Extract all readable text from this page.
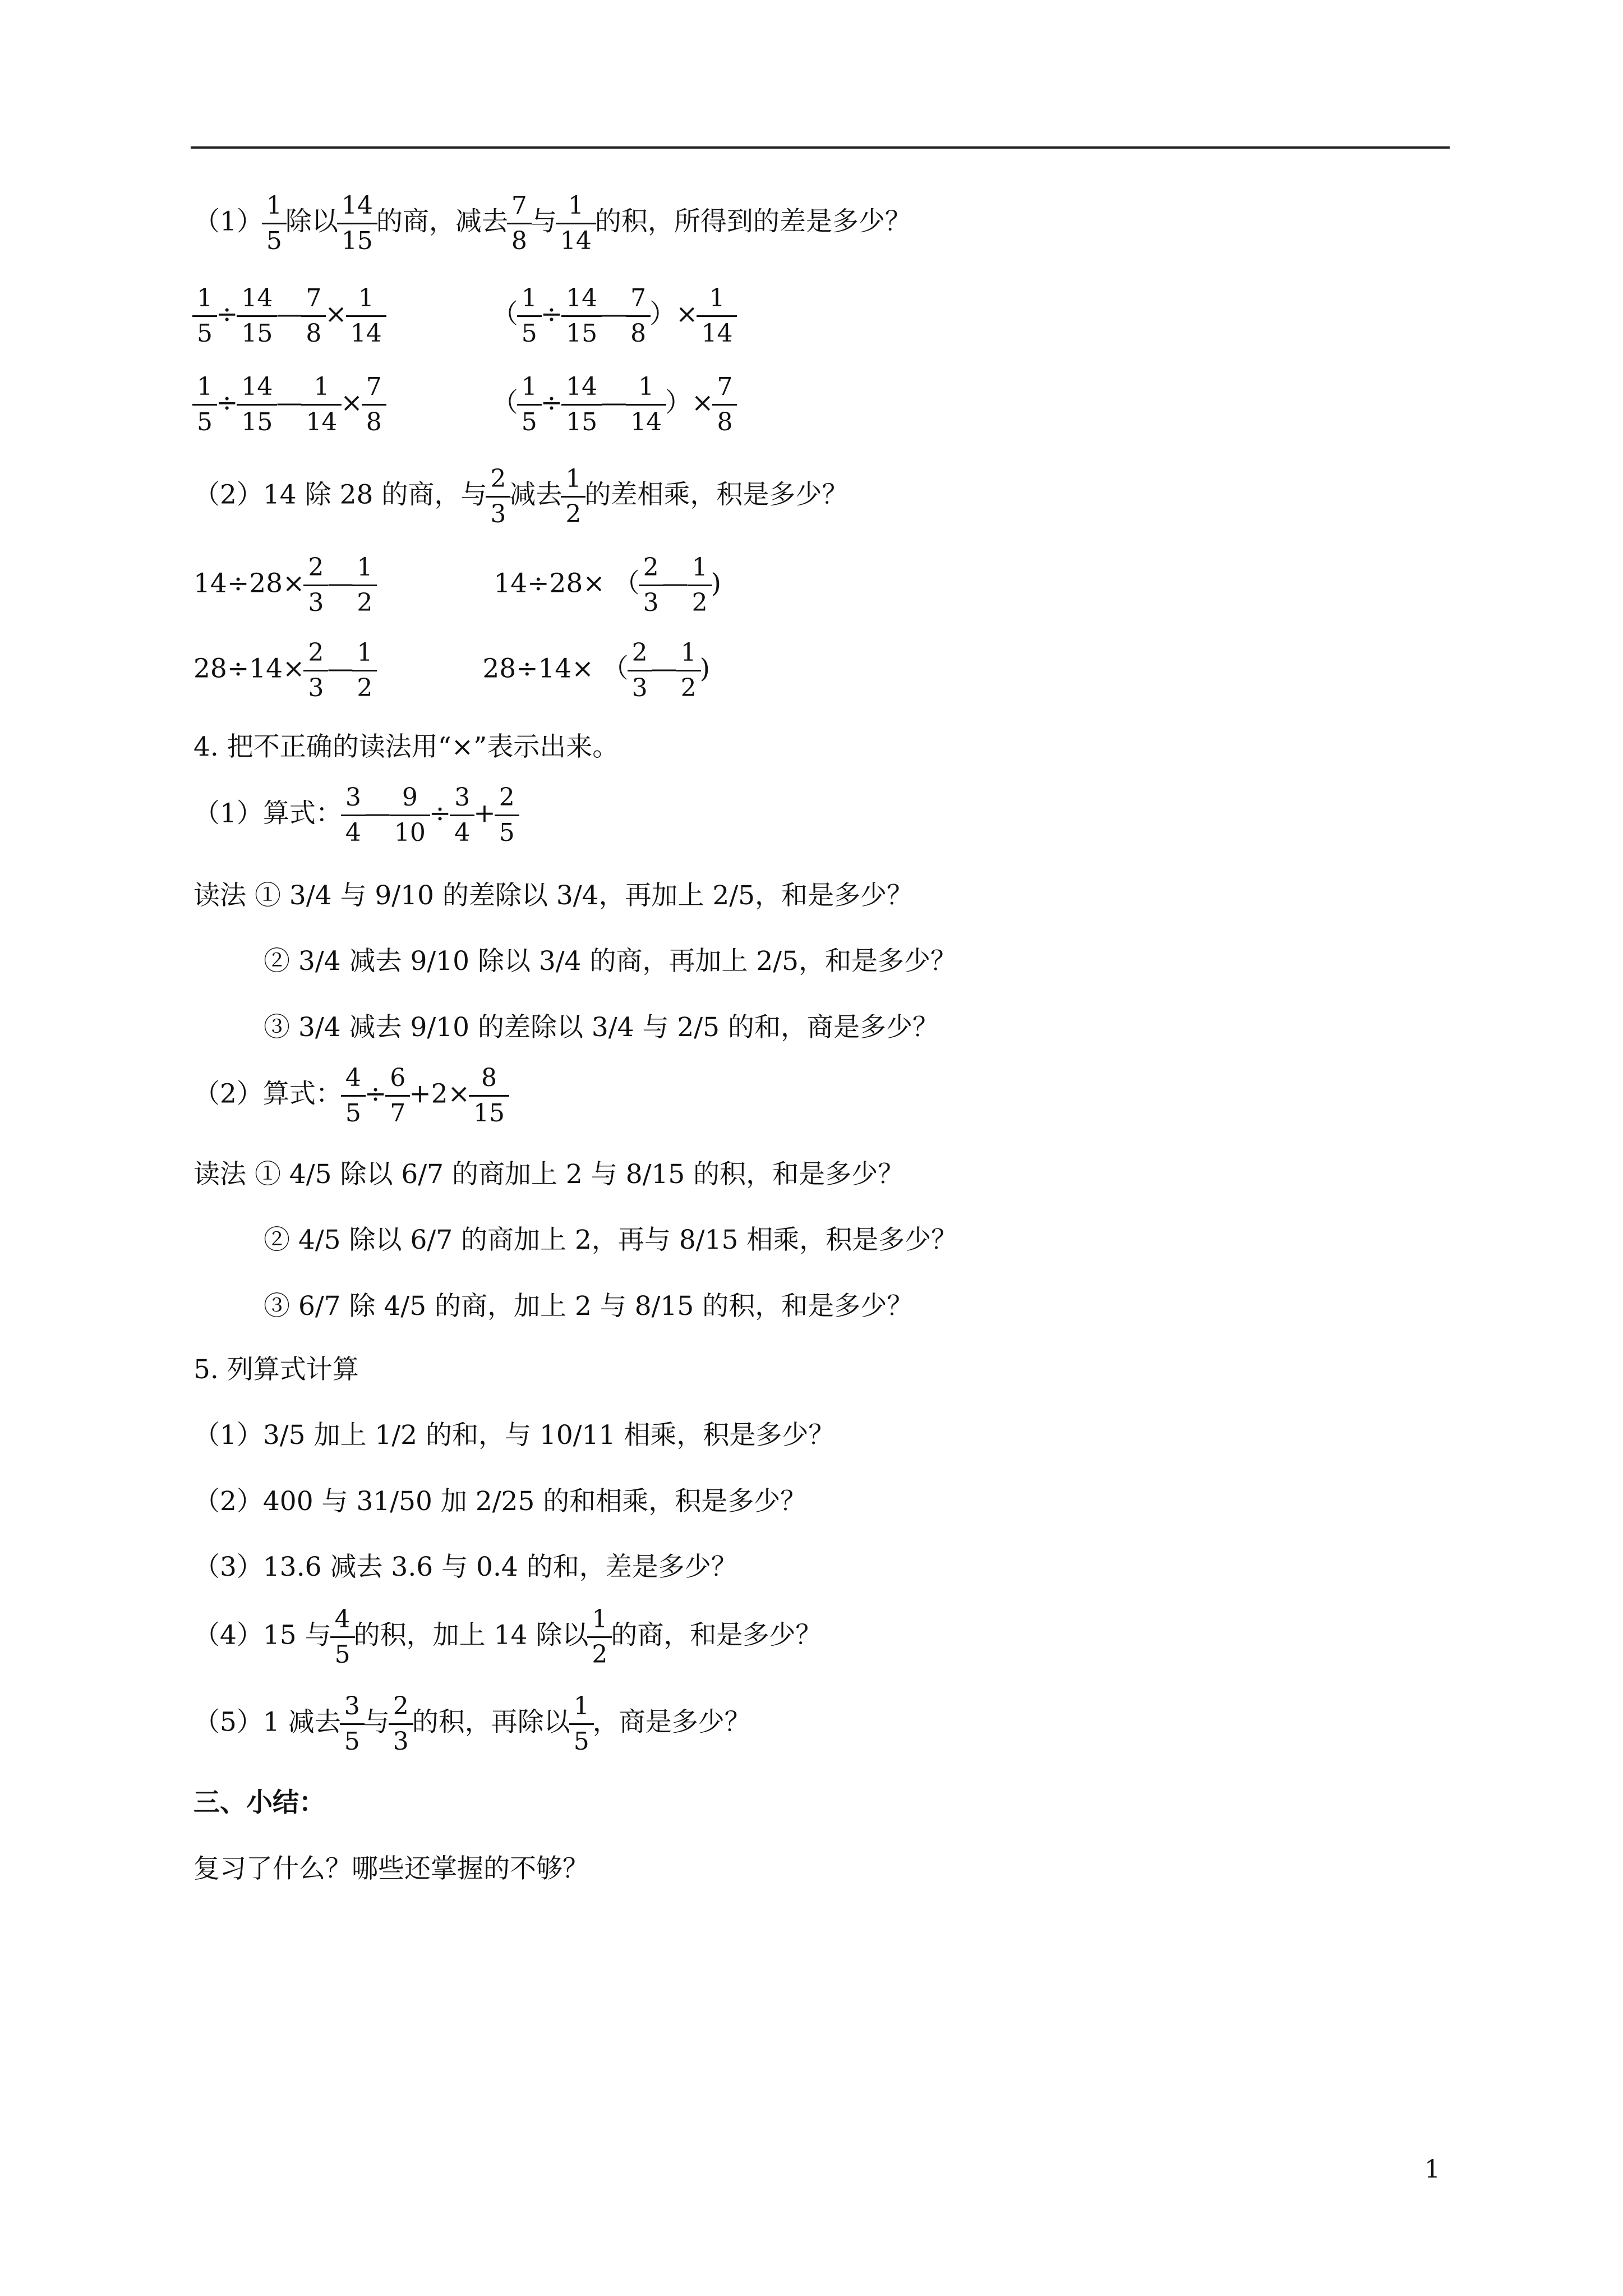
$(1) \frac{1}{5}$ 除以 $\frac{14}{15}$ 的商，减去 $\frac{7}{8}$ 与 $\frac{1}{14}$ 的积，所得到的差是多少？
$\frac{1}{5} \div \frac{14}{15}$ — $\frac{7}{8} \times \frac{1}{14}$	（ $\frac{1}{5} \div \frac{14}{15}$ — $\frac{7}{8}$ ）× $\frac{1}{14}$
$\frac{1}{5} \div \frac{14}{15}$ — $\frac{1}{14} \times \frac{7}{8}$	（ $\frac{1}{5} \div \frac{14}{15}$ — $\frac{1}{14}$ ）× $\frac{7}{8}$
（2）14 除 28 的商，与 $\frac{2}{3}$ 减去 $\frac{1}{2}$ 的差相乘，积是多少？
$14\div 28\times \frac{2}{3}$ — $\frac{1}{2}$	14÷28× （ $\frac{2}{3}$ — $\frac{1}{2}$ )
$28\div 14\times \frac{2}{3}$ — $\frac{1}{2}$	28÷14× （ $\frac{2}{3}$ — $\frac{1}{2}$ )
4. 把不正确的读法用“×”表示出来。
（1）算式： $\frac{3}{4}$ — $\frac{9}{10} \div \frac{3}{4} + \frac{2}{5}$
读法 ① 3/4 与 9/10 的差除以 3/4，再加上 2/5，和是多少？
② 3/4 减去 9/10 除以 3/4 的商，再加上 2/5，和是多少？
③ 3/4 减去 9/10 的差除以 3/4 与 2/5 的和，商是多少？
（2）算式： $\frac{4}{5} \div \frac{6}{7} +2\times \frac{8}{15}$
读法 ① 4/5 除以 6/7 的商加上 2 与 8/15 的积，和是多少？
② 4/5 除以 6/7 的商加上 2，再与 8/15 相乘，积是多少？
③ 6/7 除 4/5 的商，加上 2 与 8/15 的积，和是多少？
5. 列算式计算
（1）3/5 加上 1/2 的和，与 10/11 相乘，积是多少？
（2）400 与 31/50 加 2/25 的和相乘，积是多少？
（3）13.6 减去 3.6 与 0.4 的和，差是多少？
（4）15 与 $\frac{4}{5}$ 的积，加上 14 除以 $\frac{1}{2}$ 的商，和是多少？
（5）1 减去 $\frac{3}{5}$ 与 $\frac{2}{3}$ 的积，再除以 $\frac{1}{5}$ ，商是多少？
三、小结：
复习了什么？哪些还掌握的不够？
1
